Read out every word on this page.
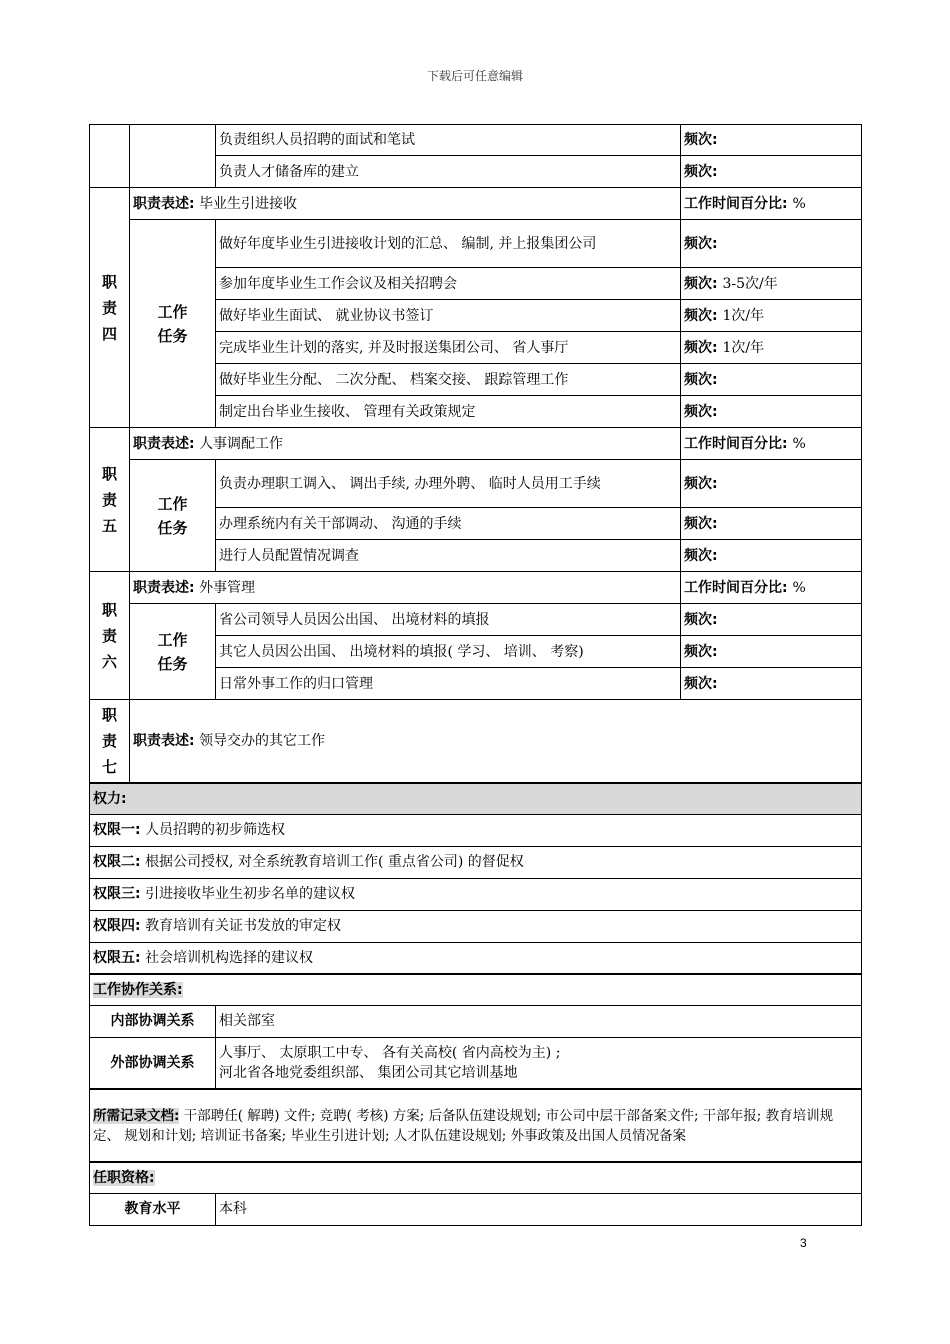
下载后可任意编辑
		负责组织人员招聘的面试和笔试	频次:
		负责人才储备库的建立	频次:
职
责
四	职责表述: 毕业生引进接收		工作时间百分比: %
	工作
任务	做好年度毕业生引进接收计划的汇总、 编制, 并上报集团公司	频次:
		参加年度毕业生工作会议及相关招聘会	频次: 3-5次/年
		做好毕业生面试、 就业协议书签订	频次: 1次/年
		完成毕业生计划的落实, 并及时报送集团公司、 省人事厅	频次: 1次/年
		做好毕业生分配、 二次分配、 档案交接、 跟踪管理工作	频次:
		制定出台毕业生接收、 管理有关政策规定	频次:
职
责
五	职责表述: 人事调配工作		工作时间百分比: %
	工作
任务	负责办理职工调入、 调出手续, 办理外聘、 临时人员用工手续	频次:
		办理系统内有关干部调动、 沟通的手续	频次:
		进行人员配置情况调查	频次:
职
责
六	职责表述: 外事管理		工作时间百分比: %
	工作
任务	省公司领导人员因公出国、 出境材料的填报	频次:
		其它人员因公出国、 出境材料的填报( 学习、 培训、 考察)	频次:
		日常外事工作的归口管理	频次:
职
责
七	职责表述: 领导交办的其它工作		
权力:			
权限一: 人员招聘的初步筛选权			
权限二: 根据公司授权, 对全系统教育培训工作( 重点省公司) 的督促权			
权限三: 引进接收毕业生初步名单的建议权			
权限四: 教育培训有关证书发放的审定权			
权限五: 社会培训机构选择的建议权			
工作协作关系:			
内部协调关系		相关部室	
外部协调关系		人事厅、 太原职工中专、 各有关高校( 省内高校为主) ;
河北省各地党委组织部、 集团公司其它培训基地	
所需记录文档: 干部聘任( 解聘) 文件; 竞聘( 考核) 方案; 后备队伍建设规划; 市公司中层干部备案文件; 干部年报; 教育培训规定、 规划和计划; 培训证书备案; 毕业生引进计划; 人才队伍建设规划; 外事政策及出国人员情况备案			
任职资格:			
教育水平		本科	
3
